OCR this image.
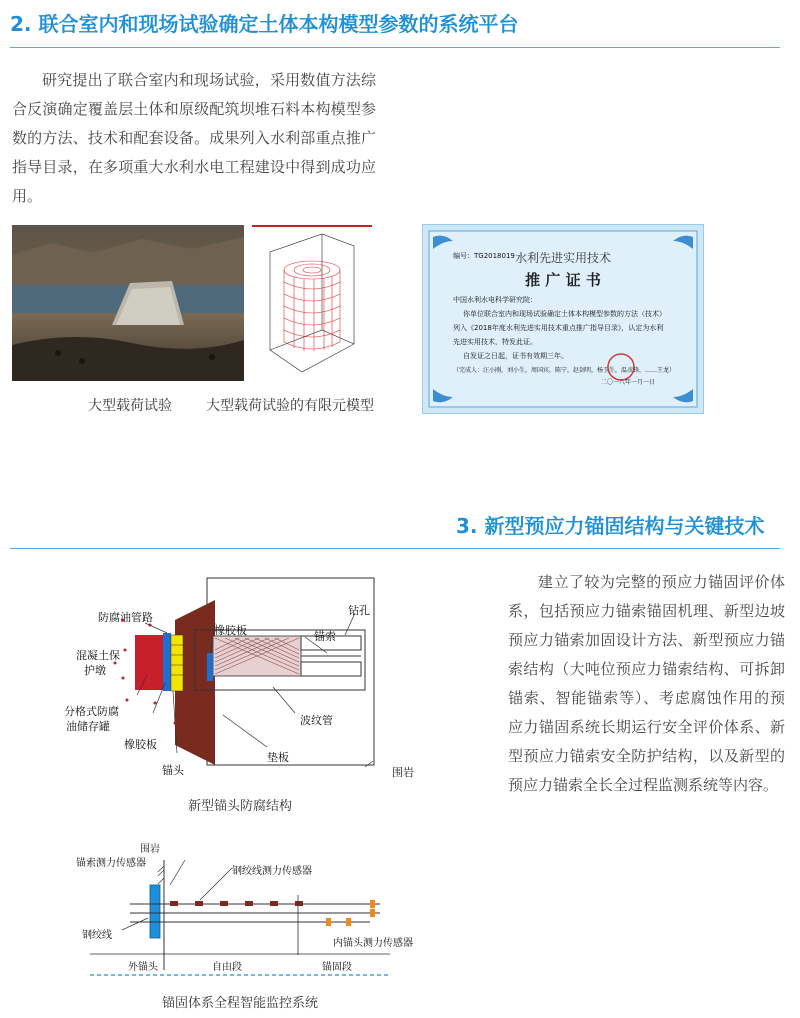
2. 联合室内和现场试验确定土体本构模型参数的系统平台
研究提出了联合室内和现场试验，采用数值方法综合反演确定覆盖层土体和原级配筑坝堆石料本构模型参数的方法、技术和配套设备。成果列入水利部重点推广指导目录，在多项重大水利水电工程建设中得到成功应用。
大型载荷试验	大型载荷试验的有限元模型
编号：TG2018019 水利先进实用技术
推 广 证 书
中国水利水电科学研究院：
你单位联合室内和现场试验确定土体本构模型参数的方法（技术）
列入《2018年度水利先进实用技术重点推广指导目录》，认定为水利
先进实用技术，特发此证。
自发证之日起，证书有效期三年。
（完成人：汪小刚，刘小生，周国宾，陈宁，赵剑明，杨玉生，温彦锋，……王龙）
二〇一八年一月一日
3. 新型预应力锚固结构与关键技术
建立了较为完整的预应力锚固评价体系，包括预应力锚索锚固机理、新型边坡预应力锚索加固设计方法、新型预应力锚索结构（大吨位预应力锚索结构、可拆卸锚索、智能锚索等）、考虑腐蚀作用的预应力锚固系统长期运行安全评价体系、新型预应力锚索安全防护结构，以及新型的预应力锚索全长全过程监测系统等内容。
防腐油管路
混凝土保
护墩
橡胶板	锚索
钻孔
分格式防腐
油储存罐	波纹管
橡胶板
锚头
垫板
围岩
新型锚头防腐结构
围岩
锚索测力传感器
钢绞线测力传感器
钢绞线
内锚头测力传感器
外锚头	自由段	锚固段
锚固体系全程智能监控系统
